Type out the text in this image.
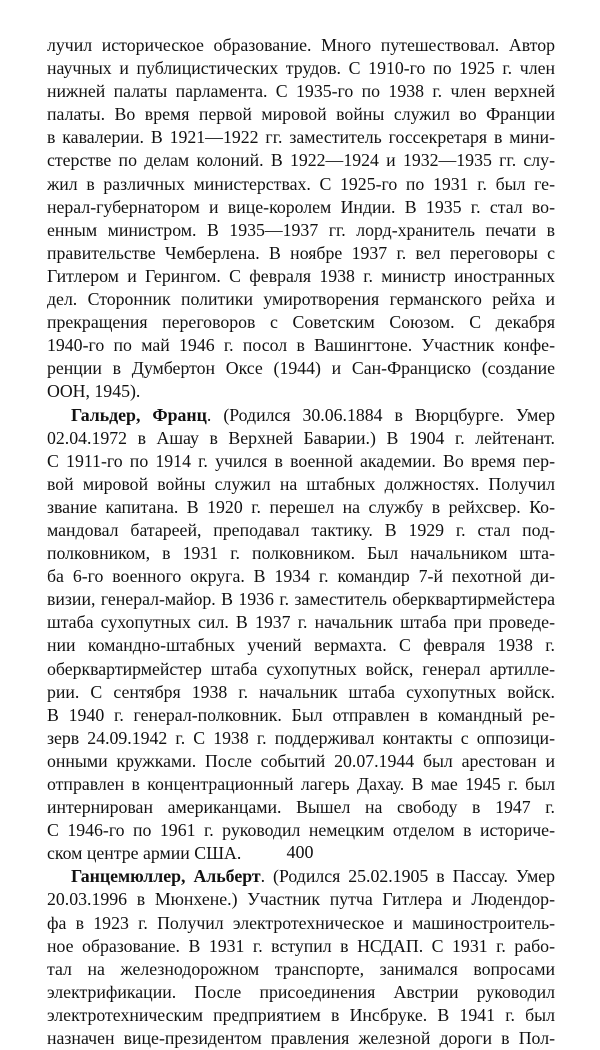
лучил историческое образование. Много путешествовал. Автор
научных и публицистических трудов. С 1910-го по 1925 г. член
нижней палаты парламента. С 1935-го по 1938 г. член верхней
палаты. Во время первой мировой войны служил во Франции
в кавалерии. В 1921—1922 гг. заместитель госсекретаря в мини-
стерстве по делам колоний. В 1922—1924 и 1932—1935 гг. слу-
жил в различных министерствах. С 1925-го по 1931 г. был ге-
нерал-губернатором и вице-королем Индии. В 1935 г. стал во-
енным министром. В 1935—1937 гг. лорд-хранитель печати в
правительстве Чемберлена. В ноябре 1937 г. вел переговоры с
Гитлером и Герингом. С февраля 1938 г. министр иностранных
дел. Сторонник политики умиротворения германского рейха и
прекращения переговоров с Советским Союзом. С декабря
1940-го по май 1946 г. посол в Вашингтоне. Участник конфе-
ренции в Думбертон Оксе (1944) и Сан-Франциско (создание
ООН, 1945).
Гальдер, Франц. (Родился 30.06.1884 в Вюрцбурге. Умер
02.04.1972 в Ашау в Верхней Баварии.) В 1904 г. лейтенант.
С 1911-го по 1914 г. учился в военной академии. Во время пер-
вой мировой войны служил на штабных должностях. Получил
звание капитана. В 1920 г. перешел на службу в рейхсвер. Ко-
мандовал батареей, преподавал тактику. В 1929 г. стал под-
полковником, в 1931 г. полковником. Был начальником шта-
ба 6-го военного округа. В 1934 г. командир 7-й пехотной ди-
визии, генерал-майор. В 1936 г. заместитель оберквартирмейстера
штаба сухопутных сил. В 1937 г. начальник штаба при проведе-
нии командно-штабных учений вермахта. С февраля 1938 г.
оберквартирмейстер штаба сухопутных войск, генерал артилле-
рии. С сентября 1938 г. начальник штаба сухопутных войск.
В 1940 г. генерал-полковник. Был отправлен в командный ре-
зерв 24.09.1942 г. С 1938 г. поддерживал контакты с оппозици-
онными кружками. После событий 20.07.1944 был арестован и
отправлен в концентрационный лагерь Дахау. В мае 1945 г. был
интернирован американцами. Вышел на свободу в 1947 г.
С 1946-го по 1961 г. руководил немецким отделом в историче-
ском центре армии США.
Ганцемюллер, Альберт. (Родился 25.02.1905 в Пассау. Умер
20.03.1996 в Мюнхене.) Участник путча Гитлера и Людендор-
фа в 1923 г. Получил электротехническое и машиностроитель-
ное образование. В 1931 г. вступил в НСДАП. С 1931 г. рабо-
тал на железнодорожном транспорте, занимался вопросами
электрификации. После присоединения Австрии руководил
электротехническим предприятием в Инсбруке. В 1941 г. был
назначен вице-президентом правления железной дороги в Пол-
400
